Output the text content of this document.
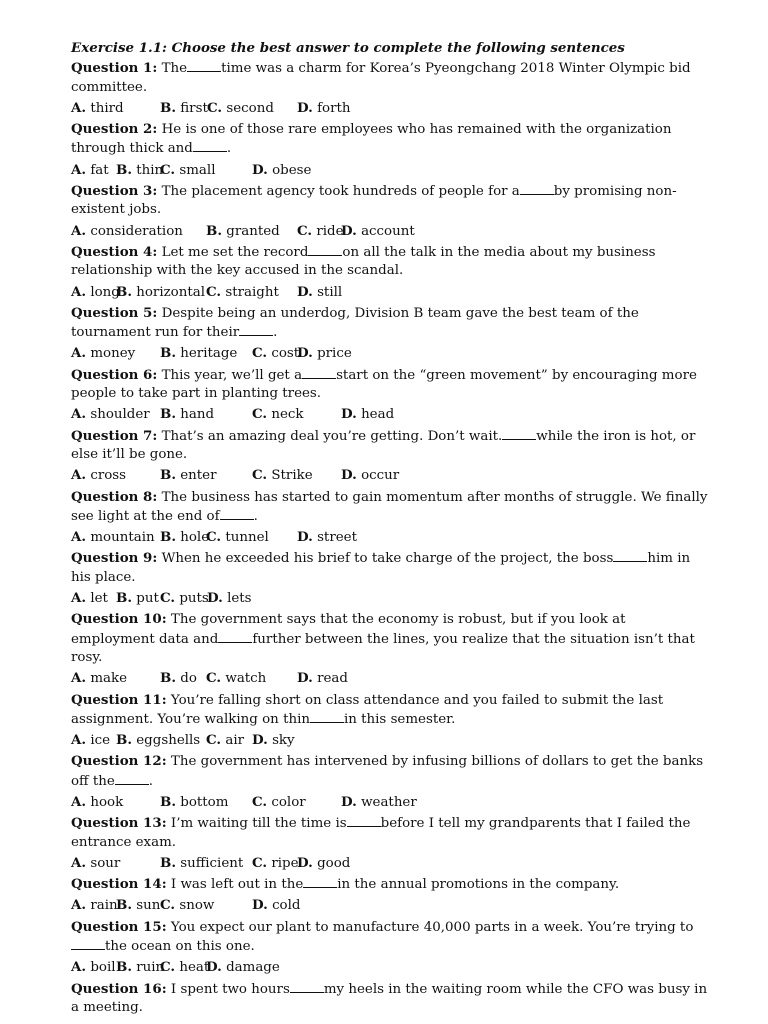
Exercise 1.1: Choose the best answer to complete the following sentences
Question 1: The	time was a charm for Korea’s Pyeongchang 2018 Winter Olympic bid committee.
A. third	B. first C. second D. forth
Question 2: He is one of those rare employees who has remained with the organization through thick and	.
A. fat B. thin
C. small	D. obese
Question 3: The placement agency took hundreds of people for a	by promising non-existent jobs.
A. consideration B. granted C. ride
D. account
Question 4: Let me set the record	on all the talk in the media about my business relationship with the key accused in the scandal.
A. long
B. horizontal C. straight D. still
Question 5: Despite being an underdog, Division B team gave the best team of the tournament run for their	.
A. money B. heritage C. cost
D. price
Question 6: This year, we’ll get a	start on the “green movement” by encouraging more people to take part in planting trees.
A. shoulder B. hand	C. neck	D. head
Question 7: That’s an amazing deal you’re getting. Don’t wait.	while the iron is hot, or else it’ll be gone.
A. cross	B. enter	C. Strike D. occur
Question 8: The business has started to gain momentum after months of struggle. We finally see light at the end of	.
A. mountain B. hole
C. tunnel D. street
Question 9: When he exceeded his brief to take charge of the project, the boss	him in his place.
A. let B. put C. puts
D. lets
Question 10: The government says that the economy is robust, but if you look at employment data and	further between the lines, you realize that the situation isn’t that rosy.
A. make B. do C. watch D. read
Question 11: You’re falling short on class attendance and you failed to submit the last assignment. You’re walking on thin	in this semester.
A. ice B. eggshells C. air D. sky
Question 12: The government has intervened by infusing billions of dollars to get the banks off the	.
A. hook	B. bottom C. color	D. weather
Question 13: I’m waiting till the time is	before I tell my grandparents that I failed the entrance exam.
A. sour	B. sufficient C. ripe
D. good
Question 14: I was left out in the	in the annual promotions in the company.
A. rain
B. sun C. snow	D. cold
Question 15: You expect our plant to manufacture 40,000 parts in a week. You’re trying tothe ocean on this one.
A. boil B. ruin
C. heat
D. damage
Question 16: I spent two hours	my heels in the waiting room while the CFO was busy in a meeting.
